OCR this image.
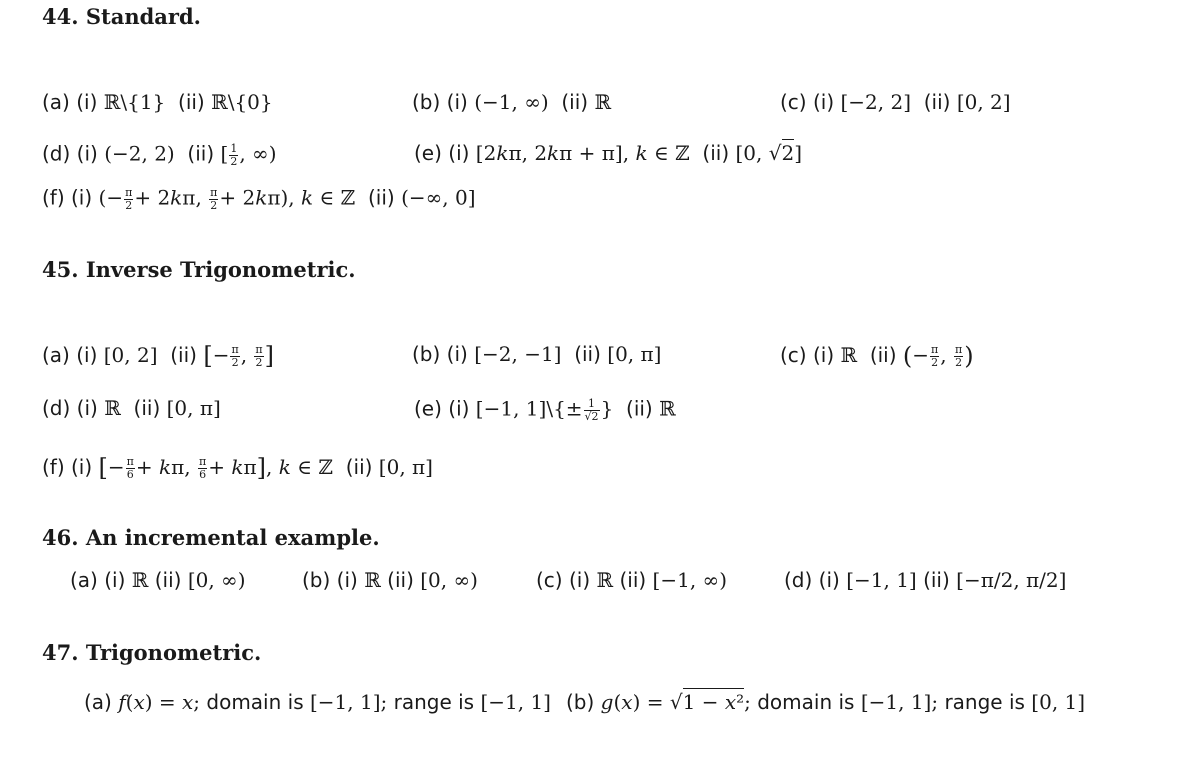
44. Standard.
(a) (i) ℝ\{1}  (ii) ℝ\{0}	(b) (i) (−1, ∞)  (ii) ℝ	(c) (i) [−2, 2]  (ii) [0, 2]
(d) (i) (−2, 2)  (ii) [ $\frac{1}{2}$ , ∞)	(e) (i) [2kπ, 2kπ + π], k ∈ ℤ  (ii) [0, √2]
(f) (i) (− $\frac{\pi}{2} + 2k\pi$, $\frac{\pi}{2} + 2k\pi$), k ∈ ℤ  (ii) (−∞, 0]
45. Inverse Trigonometric.
(a) (i) [0, 2]  (ii) [− $\frac{\pi}{2}$ , $\frac{\pi}{2}$ ]	(b) (i) [−2, −1]  (ii) [0, π]	(c) (i) ℝ  (ii) (− $\frac{\pi}{2}$ , $\frac{\pi}{2}$ )
(d) (i) ℝ  (ii) [0, π]	(e) (i) [−1, 1]\{± $\frac{1}{√2}$ }  (ii) ℝ
(f) (i) [− $\frac{\pi}{6} + k\pi$, $\frac{\pi}{6} + k\pi$], k ∈ ℤ  (ii) [0, π]
46. An incremental example.
(a) (i) ℝ (ii) [0, ∞)	(b) (i) ℝ (ii) [0, ∞)	(c) (i) ℝ (ii) [−1, ∞)	(d) (i) [−1, 1] (ii) [−π/2, π/2]
47. Trigonometric.
(a) f(x) = x; domain is [−1, 1]; range is [−1, 1] (b) g(x) = √1 − x²; domain is [−1, 1]; range is [0, 1]
